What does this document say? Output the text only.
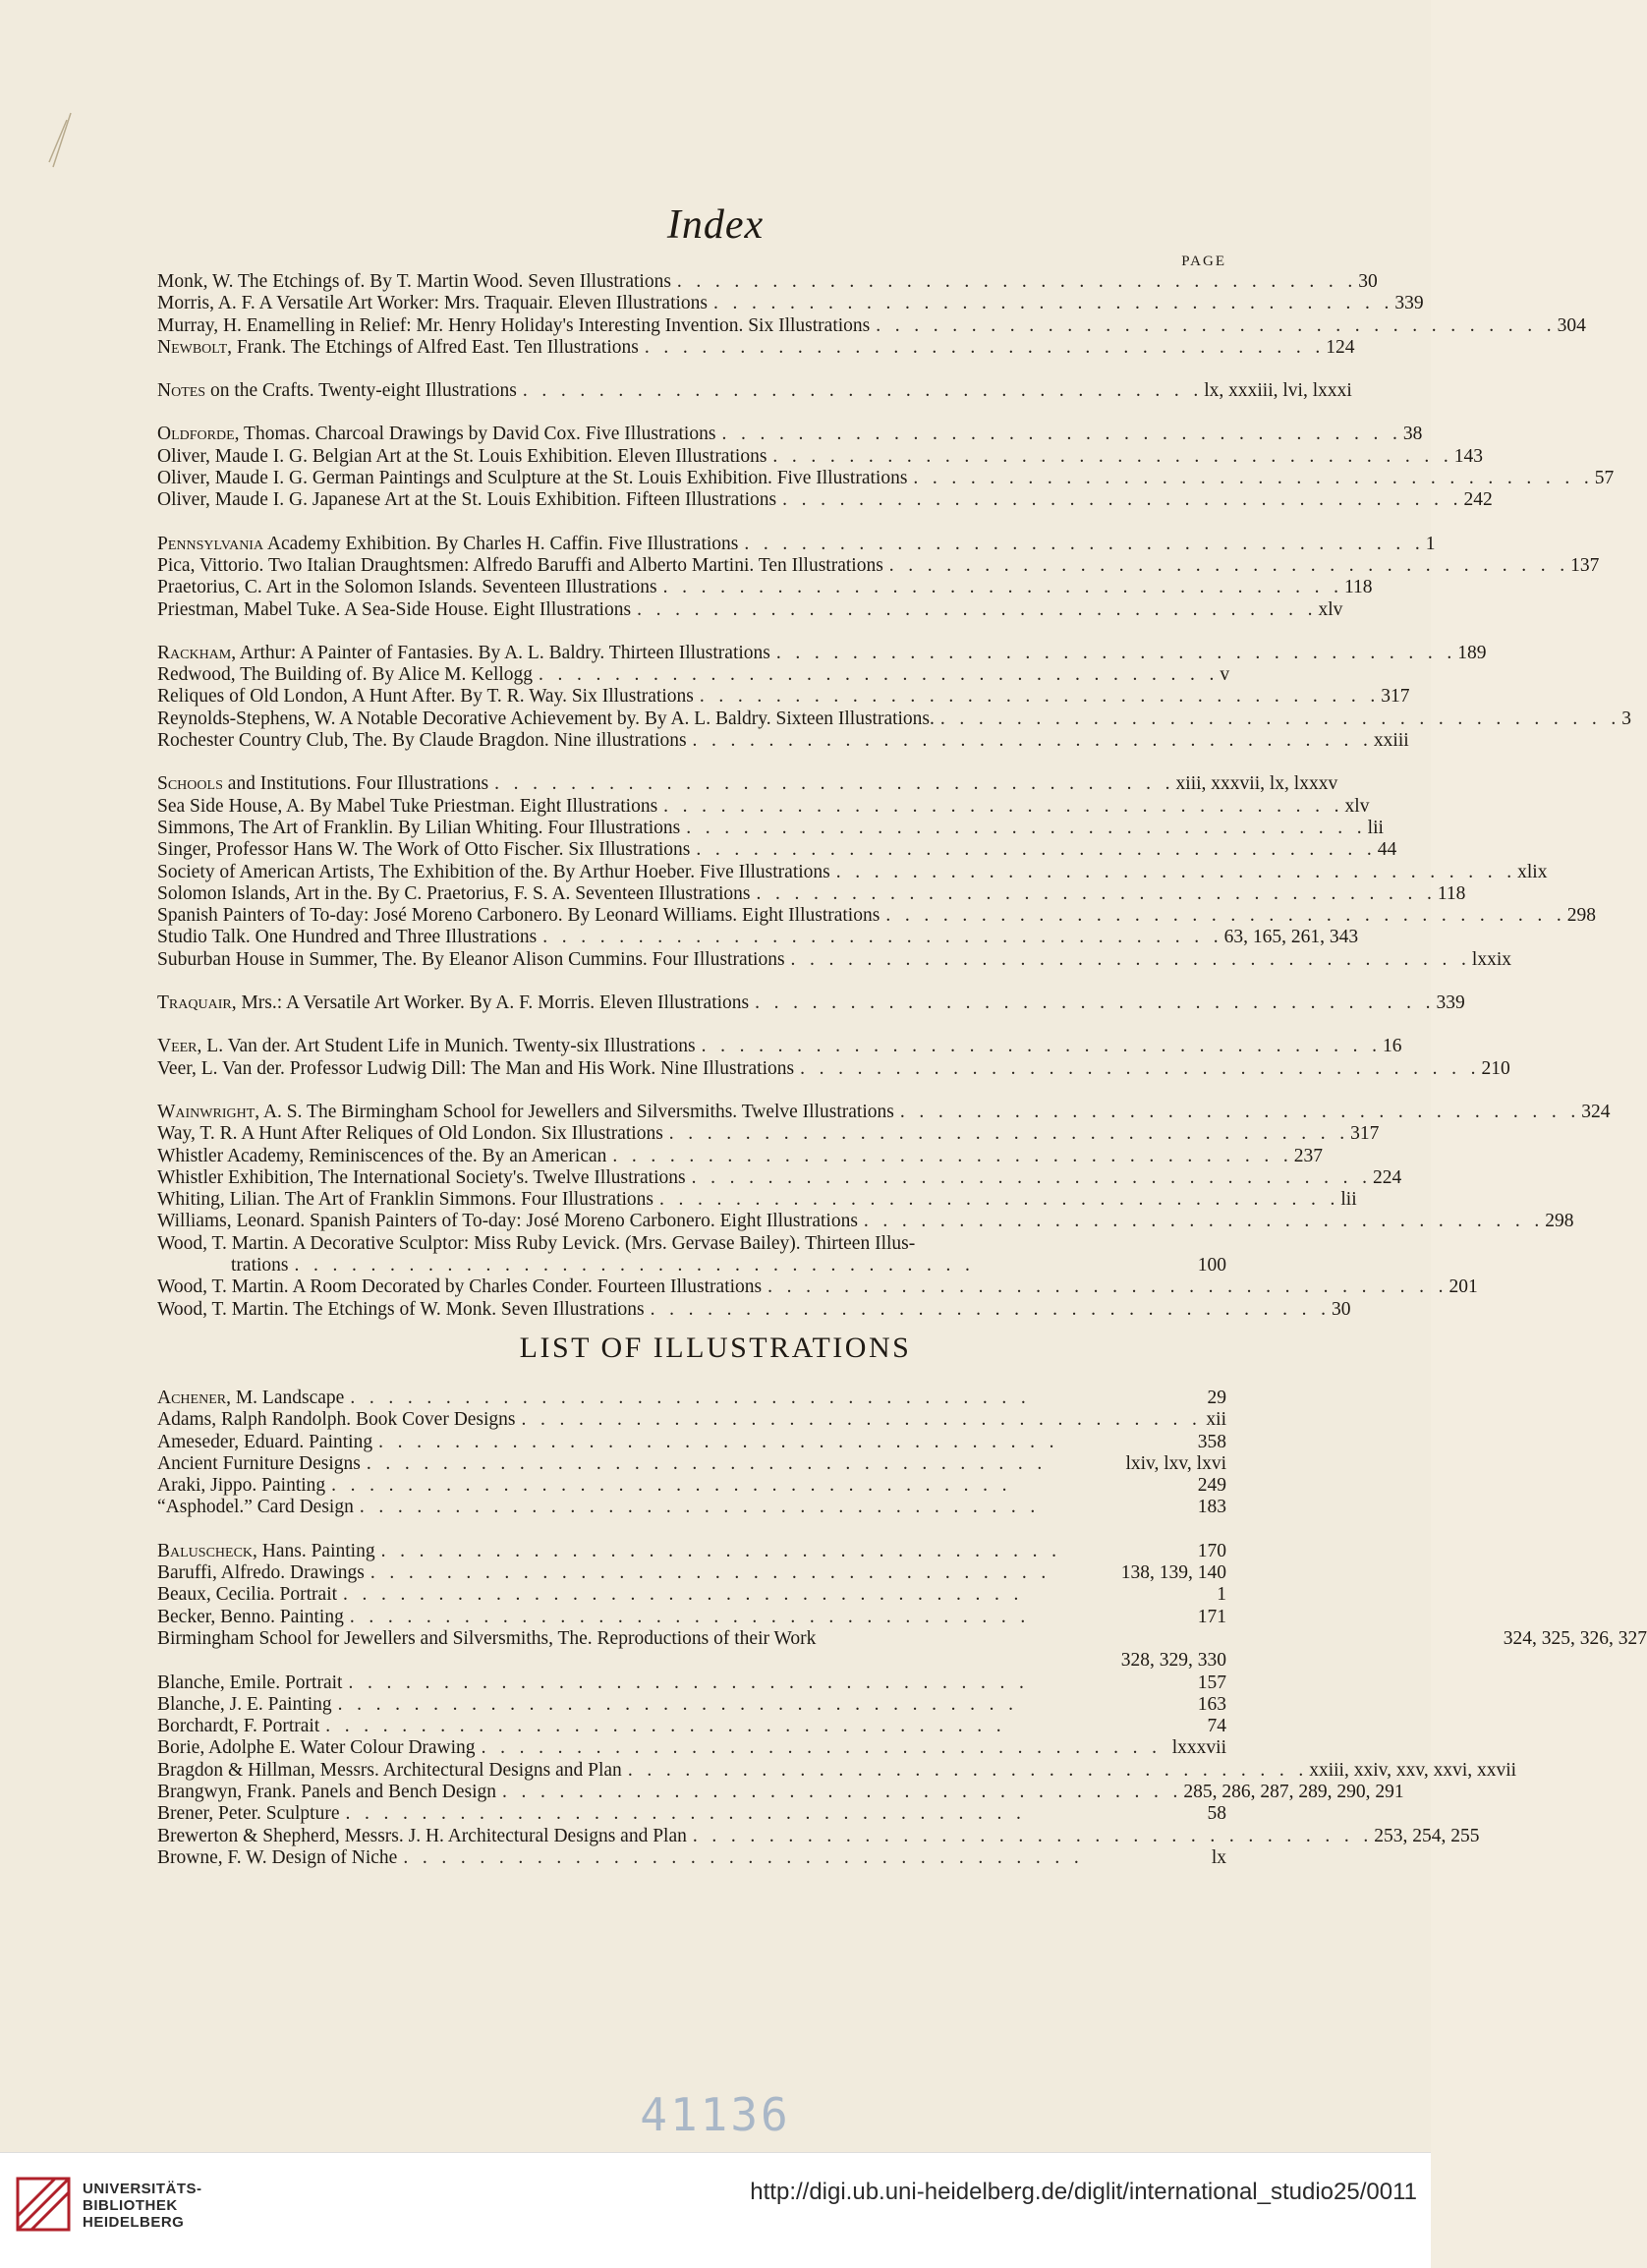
Index
PAGE
Monk, W. The Etchings of. By T. Martin Wood. Seven Illustrations . .	30
Morris, A. F. A Versatile Art Worker: Mrs. Traquair. Eleven Illustrations . .	339
Murray, H. Enamelling in Relief: Mr. Henry Holiday's Interesting Invention. Six Illustrations . .	304
Newbolt, Frank. The Etchings of Alfred East. Ten Illustrations . .	124
Notes on the Crafts. Twenty-eight Illustrations . .	lx, xxxiii, lvi, lxxxi
Oldforde, Thomas. Charcoal Drawings by David Cox. Five Illustrations . .	38
Oliver, Maude I. G. Belgian Art at the St. Louis Exhibition. Eleven Illustrations . .	143
Oliver, Maude I. G. German Paintings and Sculpture at the St. Louis Exhibition. Five Illustrations . .	57
Oliver, Maude I. G. Japanese Art at the St. Louis Exhibition. Fifteen Illustrations . .	242
Pennsylvania Academy Exhibition. By Charles H. Caffin. Five Illustrations . .	1
Pica, Vittorio. Two Italian Draughtsmen: Alfredo Baruffi and Alberto Martini. Ten Illustrations . .	137
Praetorius, C. Art in the Solomon Islands. Seventeen Illustrations . .	118
Priestman, Mabel Tuke. A Sea-Side House. Eight Illustrations . .	xlv
Rackham, Arthur: A Painter of Fantasies. By A. L. Baldry. Thirteen Illustrations . .	189
Redwood, The Building of. By Alice M. Kellogg . .	v
Reliques of Old London, A Hunt After. By T. R. Way. Six Illustrations . .	317
Reynolds-Stephens, W. A Notable Decorative Achievement by. By A. L. Baldry. Sixteen Illustrations. . .	3
Rochester Country Club, The. By Claude Bragdon. Nine illustrations . .	xxiii
Schools and Institutions. Four Illustrations . .	xiii, xxxvii, lx, lxxxv
Sea Side House, A. By Mabel Tuke Priestman. Eight Illustrations . .	xlv
Simmons, The Art of Franklin. By Lilian Whiting. Four Illustrations . .	lii
Singer, Professor Hans W. The Work of Otto Fischer. Six Illustrations . .	44
Society of American Artists, The Exhibition of the. By Arthur Hoeber. Five Illustrations . .	xlix
Solomon Islands, Art in the. By C. Praetorius, F. S. A. Seventeen Illustrations . .	118
Spanish Painters of To-day: José Moreno Carbonero. By Leonard Williams. Eight Illustrations . .	298
Studio Talk. One Hundred and Three Illustrations . .	63, 165, 261, 343
Suburban House in Summer, The. By Eleanor Alison Cummins. Four Illustrations . .	lxxix
Traquair, Mrs.: A Versatile Art Worker. By A. F. Morris. Eleven Illustrations . .	339
Veer, L. Van der. Art Student Life in Munich. Twenty-six Illustrations . .	16
Veer, L. Van der. Professor Ludwig Dill: The Man and His Work. Nine Illustrations . .	210
Wainwright, A. S. The Birmingham School for Jewellers and Silversmiths. Twelve Illustrations . .	324
Way, T. R. A Hunt After Reliques of Old London. Six Illustrations . .	317
Whistler Academy, Reminiscences of the. By an American . .	237
Whistler Exhibition, The International Society's. Twelve Illustrations . .	224
Whiting, Lilian. The Art of Franklin Simmons. Four Illustrations . .	lii
Williams, Leonard. Spanish Painters of To-day: José Moreno Carbonero. Eight Illustrations . .	298
Wood, T. Martin. A Decorative Sculptor: Miss Ruby Levick. (Mrs. Gervase Bailey). Thirteen Illus-
trations . .	100
Wood, T. Martin. A Room Decorated by Charles Conder. Fourteen Illustrations . .	201
Wood, T. Martin. The Etchings of W. Monk. Seven Illustrations . .	30
LIST OF ILLUSTRATIONS
Achener, M. Landscape . .	29
Adams, Ralph Randolph. Book Cover Designs . .	xii
Ameseder, Eduard. Painting . .	358
Ancient Furniture Designs . .	lxiv, lxv, lxvi
Araki, Jippo. Painting . .	249
“Asphodel.” Card Design . .	183
Baluscheck, Hans. Painting . .	170
Baruffi, Alfredo. Drawings . .	138, 139, 140
Beaux, Cecilia. Portrait . .	1
Becker, Benno. Painting . .	171
Birmingham School for Jewellers and Silversmiths, The. Reproductions of their Work	324, 325, 326, 327
328, 329, 330
Blanche, Emile. Portrait . .	157
Blanche, J. E. Painting . .	163
Borchardt, F. Portrait . .	74
Borie, Adolphe E. Water Colour Drawing . .	lxxxvii
Bragdon & Hillman, Messrs. Architectural Designs and Plan . .	xxiii, xxiv, xxv, xxvi, xxvii
Brangwyn, Frank. Panels and Bench Design . .	285, 286, 287, 289, 290, 291
Brener, Peter. Sculpture . .	58
Brewerton & Shepherd, Messrs. J. H. Architectural Designs and Plan . .	253, 254, 255
Browne, F. W. Design of Niche . .	lx
41136
UNIVERSITÄTS-
BIBLIOTHEK
HEIDELBERG
http://digi.ub.uni-heidelberg.de/diglit/international_studio25/0011
